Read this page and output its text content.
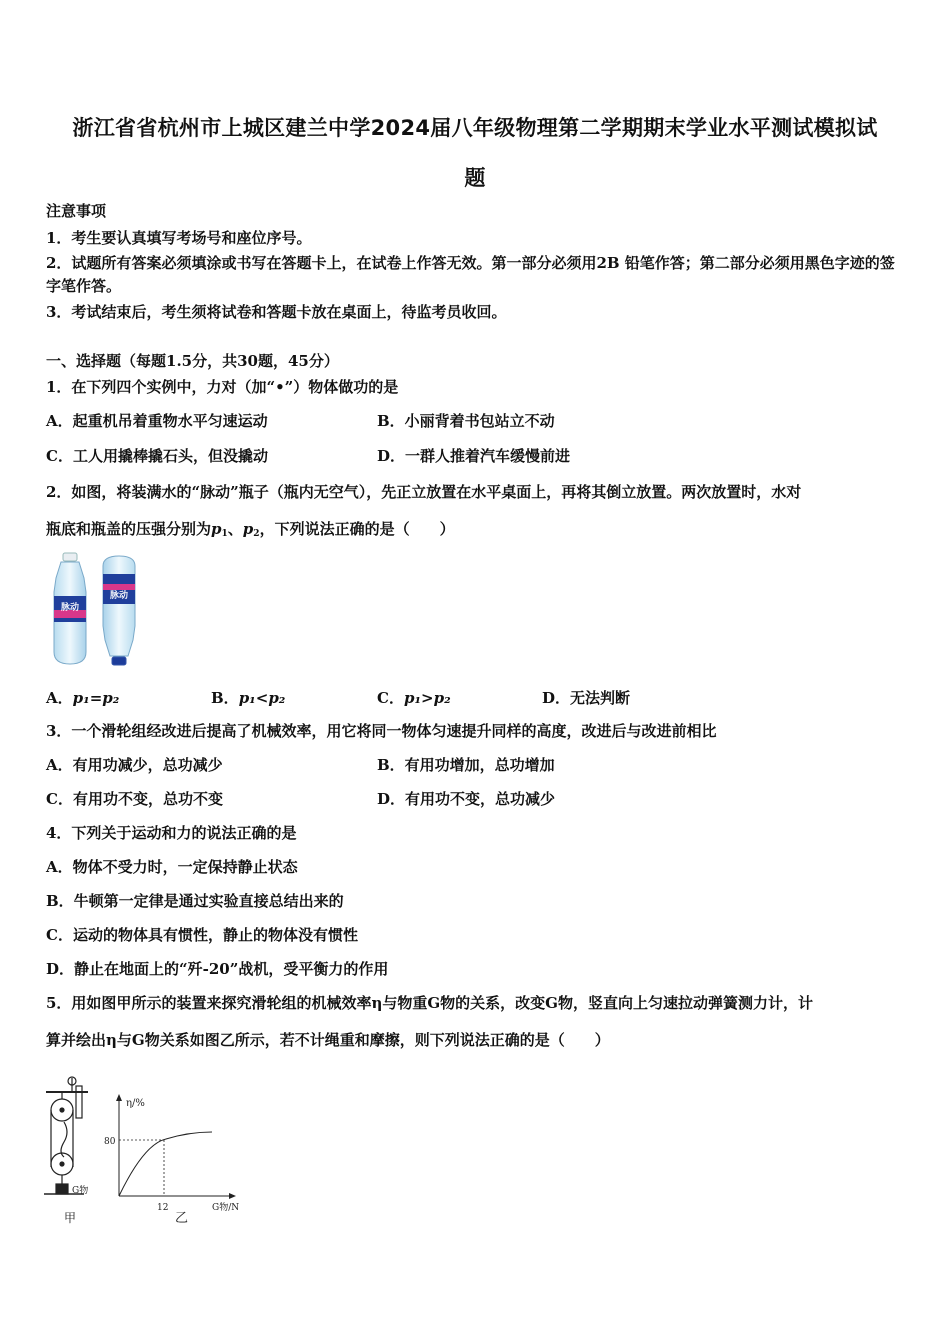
浙江省省杭州市上城区建兰中学2024届八年级物理第二学期期末学业水平测试模拟试
题
注意事项
1．考生要认真填写考场号和座位序号。
2．试题所有答案必须填涂或书写在答题卡上，在试卷上作答无效。第一部分必须用2B 铅笔作答；第二部分必须用黑色字迹的签字笔作答。
3．考试结束后，考生须将试卷和答题卡放在桌面上，待监考员收回。
一、选择题（每题1.5分，共30题，45分）
1．在下列四个实例中，力对（加“•”）物体做功的是
A．起重机吊着重物水平匀速运动	B．小丽背着书包站立不动
C．工人用撬棒撬石头，但没撬动	D．一群人推着汽车缓慢前进
2．如图，将装满水的“脉动”瓶子（瓶内无空气），先正立放置在水平桌面上，再将其倒立放置。两次放置时，水对
瓶底和瓶盖的压强分别为$p_1$、$p_2$，下列说法正确的是（　　）
脉动
脉动
A．p₁=p₂	B．p₁<p₂	C．p₁>p₂	D．无法判断
3．一个滑轮组经改进后提高了机械效率，用它将同一物体匀速提升同样的高度，改进后与改进前相比
A．有用功减少，总功减少	B．有用功增加，总功增加
C．有用功不变，总功不变	D．有用功不变，总功减少
4．下列关于运动和力的说法正确的是
A．物体不受力时，一定保持静止状态
B．牛顿第一定律是通过实验直接总结出来的
C．运动的物体具有惯性，静止的物体没有惯性
D．静止在地面上的“歼-20”战机，受平衡力的作用
5．用如图甲所示的装置来探究滑轮组的机械效率η与物重G物的关系，改变G物，竖直向上匀速拉动弹簧测力计，计
算并绘出η与G物关系如图乙所示，若不计绳重和摩擦，则下列说法正确的是（　　）
G物
甲
η/%
80
12
乙
G物/N
